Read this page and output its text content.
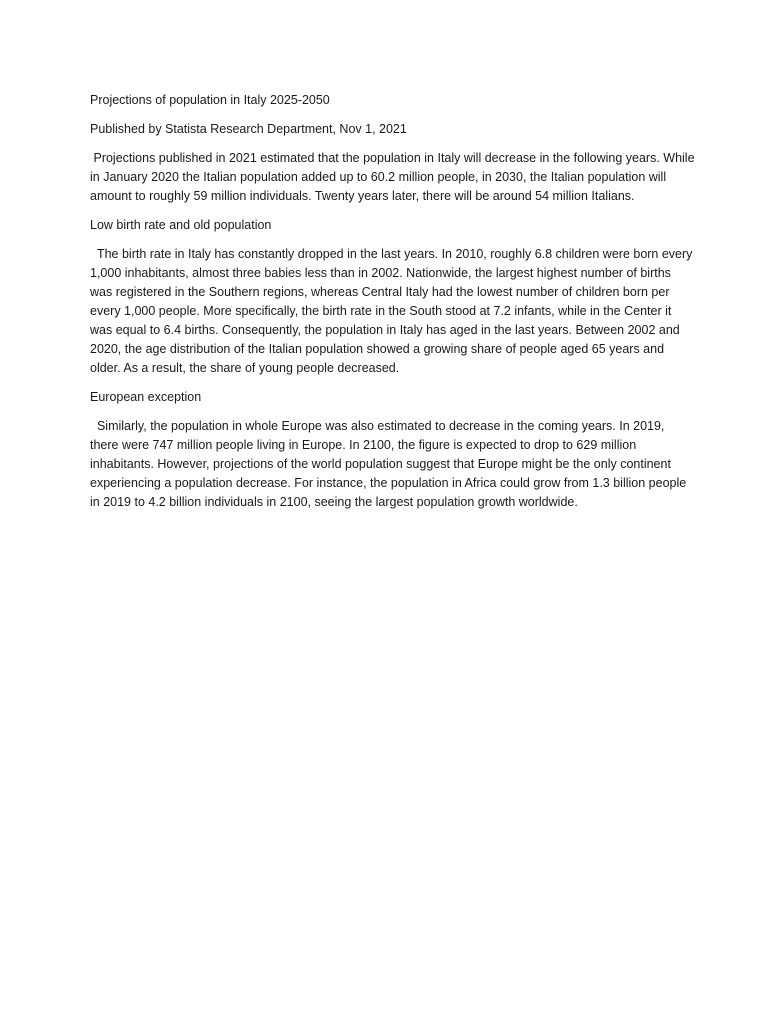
Projections of population in Italy 2025-2050

Published by Statista Research Department, Nov 1, 2021

Projections published in 2021 estimated that the population in Italy will decrease in the following years. While in January 2020 the Italian population added up to 60.2 million people, in 2030, the Italian population will amount to roughly 59 million individuals. Twenty years later, there will be around 54 million Italians.

Low birth rate and old population

The birth rate in Italy has constantly dropped in the last years. In 2010, roughly 6.8 children were born every 1,000 inhabitants, almost three babies less than in 2002. Nationwide, the largest highest number of births was registered in the Southern regions, whereas Central Italy had the lowest number of children born per every 1,000 people. More specifically, the birth rate in the South stood at 7.2 infants, while in the Center it was equal to 6.4 births. Consequently, the population in Italy has aged in the last years. Between 2002 and 2020, the age distribution of the Italian population showed a growing share of people aged 65 years and older. As a result, the share of young people decreased.

European exception

Similarly, the population in whole Europe was also estimated to decrease in the coming years. In 2019, there were 747 million people living in Europe. In 2100, the figure is expected to drop to 629 million inhabitants. However, projections of the world population suggest that Europe might be the only continent experiencing a population decrease. For instance, the population in Africa could grow from 1.3 billion people in 2019 to 4.2 billion individuals in 2100, seeing the largest population growth worldwide.
